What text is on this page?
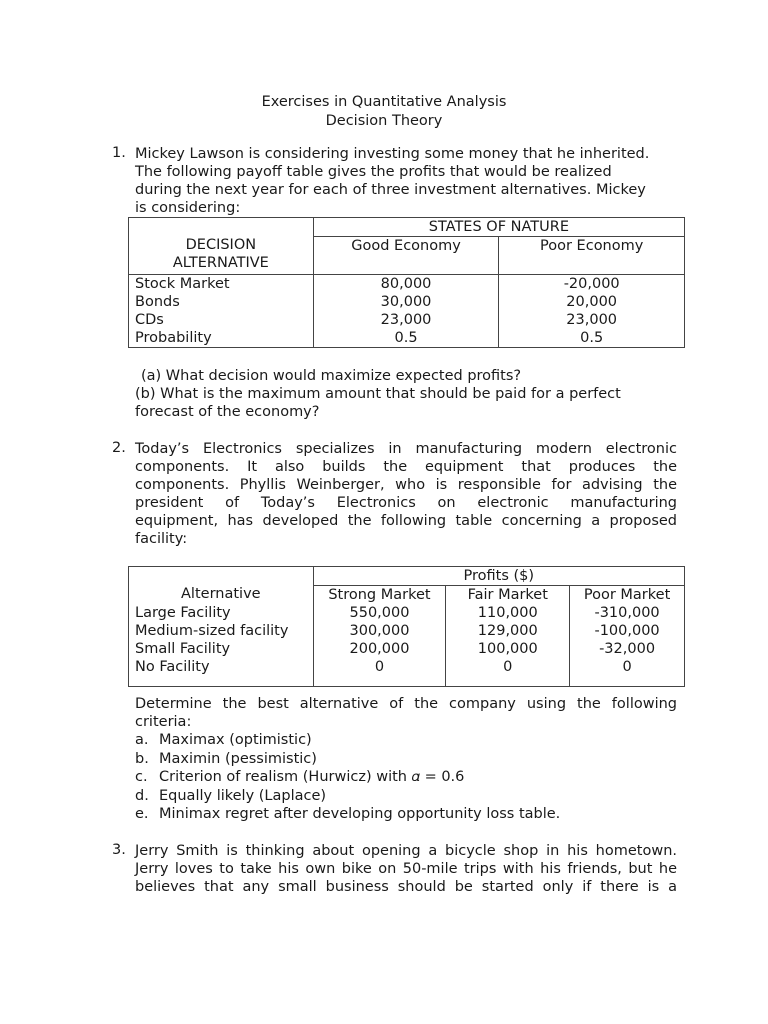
Exercises in Quantitative Analysis
Decision Theory
1. Mickey Lawson is considering investing some money that he inherited.
The following payoff table gives the profits that would be realized
during the next year for each of three investment alternatives. Mickey
is considering:
DECISION
ALTERNATIVE	STATES OF NATURE	
	Good Economy	Poor Economy
Stock Market	80,000	-20,000
Bonds	30,000	20,000
CDs	23,000	23,000
Probability	0.5	0.5
(a) What decision would maximize expected profits?
(b) What is the maximum amount that should be paid for a perfect
forecast of the economy?
2. Today’s Electronics specializes in manufacturing modern electronic
components. It also builds the equipment that produces the
components. Phyllis Weinberger, who is responsible for advising the
president of Today’s Electronics on electronic manufacturing
equipment, has developed the following table concerning a proposed
facility:
Alternative	Profits ($)		
	Strong Market	Fair Market	Poor Market
Large Facility	550,000	110,000	-310,000
Medium-sized facility	300,000	129,000	-100,000
Small Facility	200,000	100,000	-32,000
No Facility	0	0	0
Determine the best alternative of the company using the following
criteria:
a. Maximax (optimistic)
b. Maximin (pessimistic)
c. Criterion of realism (Hurwicz) with 𝛼 = 0.6
d. Equally likely (Laplace)
e. Minimax regret after developing opportunity loss table.
3. Jerry Smith is thinking about opening a bicycle shop in his hometown.
Jerry loves to take his own bike on 50-mile trips with his friends, but he
believes that any small business should be started only if there is a
